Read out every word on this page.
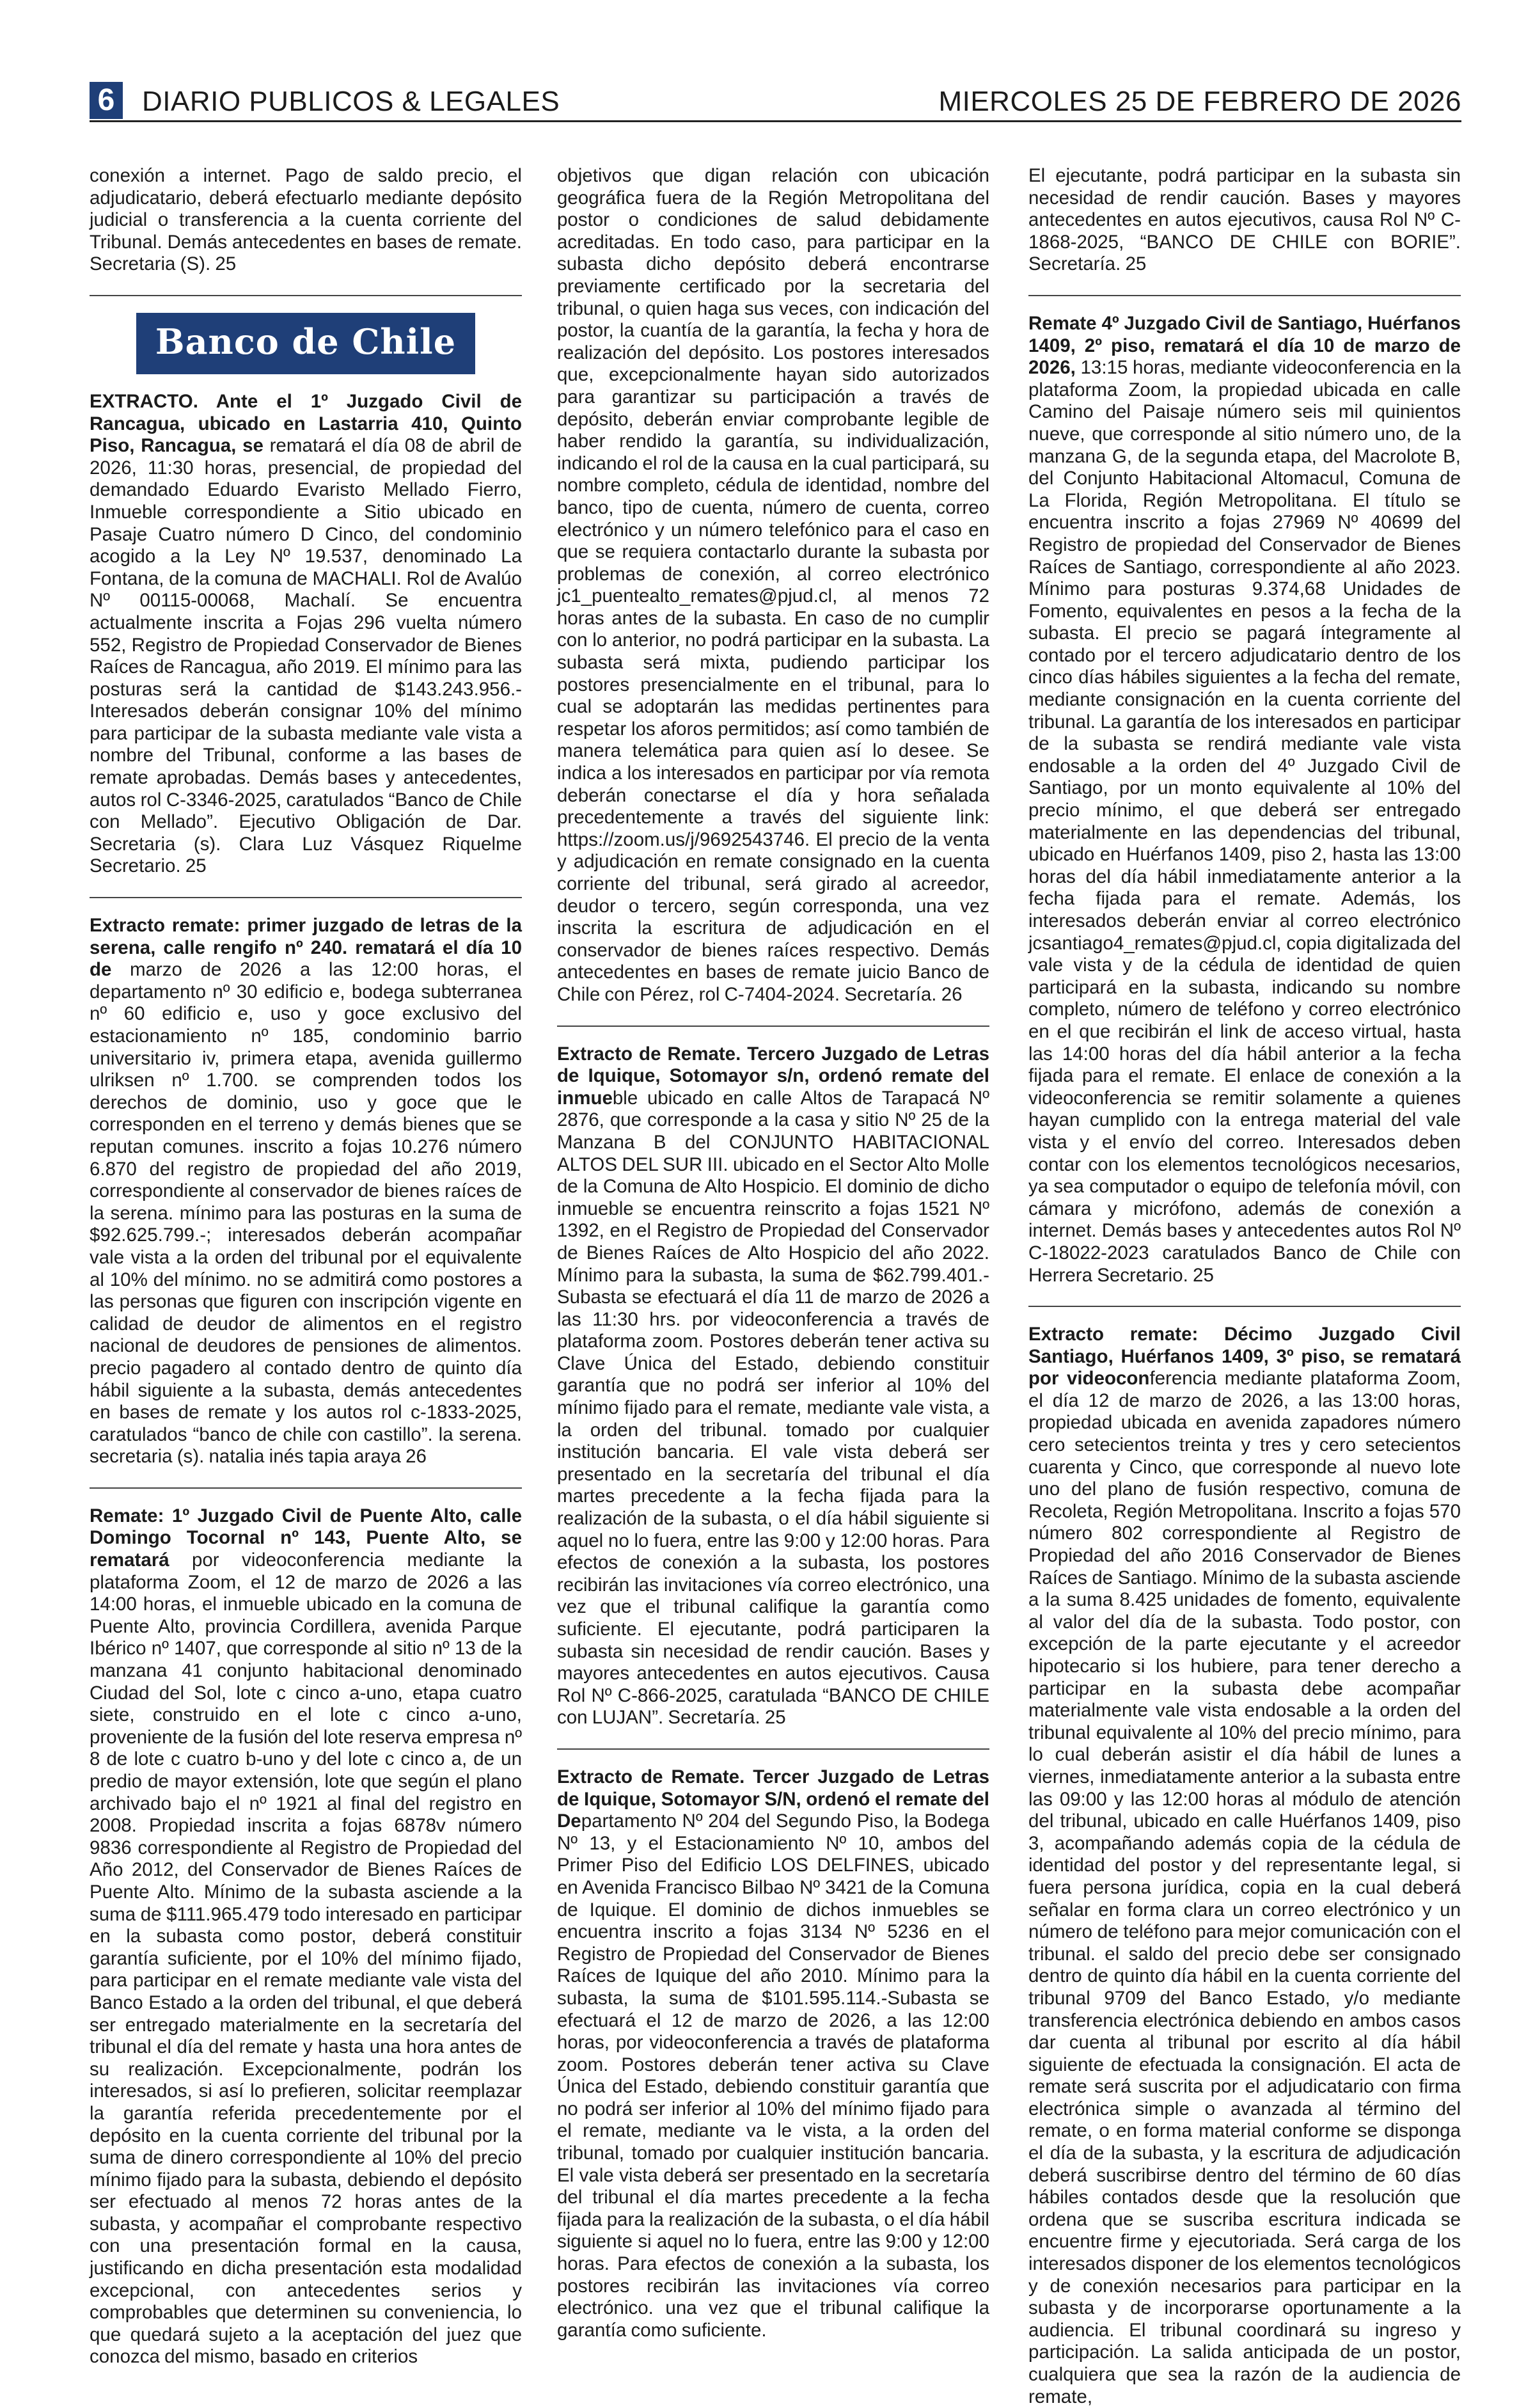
6 DIARIO PUBLICOS & LEGALES	MIERCOLES 25 DE FEBRERO DE 2026

conexión a internet. Pago de saldo precio, el adjudicatario, deberá efectuarlo mediante depósito judicial o transferencia a la cuenta corriente del Tribunal. Demás antecedentes en bases de remate. Secretaria (S). 25

Banco de Chile

EXTRACTO. Ante el 1º Juzgado Civil de Rancagua, ubicado en Lastarria 410, Quinto Piso, Rancagua, se rematará el día 08 de abril de 2026, 11:30 horas, presencial, de propiedad del demandado Eduardo Evaristo Mellado Fierro, Inmueble correspondiente a Sitio ubicado en Pasaje Cuatro número D Cinco, del condominio acogido a la Ley Nº 19.537, denominado La Fontana, de la comuna de MACHALI. Rol de Avalúo Nº 00115-00068, Machalí. Se encuentra actualmente inscrita a Fojas 296 vuelta número 552, Registro de Propiedad Conservador de Bienes Raíces de Rancagua, año 2019. El mínimo para las posturas será la cantidad de $143.243.956.- Interesados deberán consignar 10% del mínimo para participar de la subasta mediante vale vista a nombre del Tribunal, conforme a las bases de remate aprobadas. Demás bases y antecedentes, autos rol C-3346-2025, caratulados “Banco de Chile con Mellado”. Ejecutivo Obligación de Dar. Secretaria (s). Clara Luz Vásquez Riquelme Secretario. 25

Extracto remate: primer juzgado de letras de la serena, calle rengifo nº 240. rematará el día 10 de marzo de 2026 a las 12:00 horas, el departamento nº 30 edificio e, bodega subterranea nº 60 edificio e, uso y goce exclusivo del estacionamiento nº 185, condominio barrio universitario iv, primera etapa, avenida guillermo ulriksen nº 1.700. se comprenden todos los derechos de dominio, uso y goce que le corresponden en el terreno y demás bienes que se reputan comunes. inscrito a fojas 10.276 número 6.870 del registro de propiedad del año 2019, correspondiente al conservador de bienes raíces de la serena. mínimo para las posturas en la suma de $92.625.799.-; interesados deberán acompañar vale vista a la orden del tribunal por el equivalente al 10% del mínimo. no se admitirá como postores a las personas que figuren con inscripción vigente en calidad de deudor de alimentos en el registro nacional de deudores de pensiones de alimentos. precio pagadero al contado dentro de quinto día hábil siguiente a la subasta, demás antecedentes en bases de remate y los autos rol c-1833-2025, caratulados “banco de chile con castillo”. la serena. secretaria (s). natalia inés tapia araya 26

Remate: 1º Juzgado Civil de Puente Alto, calle Domingo Tocornal nº 143, Puente Alto, se rematará por videoconferencia mediante la plataforma Zoom, el 12 de marzo de 2026 a las 14:00 horas, el inmueble ubicado en la comuna de Puente Alto, provincia Cordillera, avenida Parque Ibérico nº 1407, que corresponde al sitio nº 13 de la manzana 41 conjunto habitacional denominado Ciudad del Sol, lote c cinco a-uno, etapa cuatro siete, construido en el lote c cinco a-uno, proveniente de la fusión del lote reserva empresa nº 8 de lote c cuatro b-uno y del lote c cinco a, de un predio de mayor extensión, lote que según el plano archivado bajo el nº 1921 al final del registro en 2008. Propiedad inscrita a fojas 6878v número 9836 correspondiente al Registro de Propiedad del Año 2012, del Conservador de Bienes Raíces de Puente Alto. Mínimo de la subasta asciende a la suma de $111.965.479 todo interesado en participar en la subasta como postor, deberá constituir garantía suficiente, por el 10% del mínimo fijado, para participar en el remate mediante vale vista del Banco Estado a la orden del tribunal, el que deberá ser entregado materialmente en la secretaría del tribunal el día del remate y hasta una hora antes de su realización. Excepcionalmente, podrán los interesados, si así lo prefieren, solicitar reemplazar la garantía referida precedentemente por el depósito en la cuenta corriente del tribunal por la suma de dinero correspondiente al 10% del precio mínimo fijado para la subasta, debiendo el depósito ser efectuado al menos 72 horas antes de la subasta, y acompañar el comprobante respectivo con una presentación formal en la causa, justificando en dicha presentación esta modalidad excepcional, con antecedentes serios y comprobables que determinen su conveniencia, lo que quedará sujeto a la aceptación del juez que conozca del mismo, basado en criterios

objetivos que digan relación con ubicación geográfica fuera de la Región Metropolitana del postor o condiciones de salud debidamente acreditadas. En todo caso, para participar en la subasta dicho depósito deberá encontrarse previamente certificado por la secretaria del tribunal, o quien haga sus veces, con indicación del postor, la cuantía de la garantía, la fecha y hora de realización del depósito. Los postores interesados que, excepcionalmente hayan sido autorizados para garantizar su participación a través de depósito, deberán enviar comprobante legible de haber rendido la garantía, su individualización, indicando el rol de la causa en la cual participará, su nombre completo, cédula de identidad, nombre del banco, tipo de cuenta, número de cuenta, correo electrónico y un número telefónico para el caso en que se requiera contactarlo durante la subasta por problemas de conexión, al correo electrónico jc1_puentealto_remates@pjud.cl, al menos 72 horas antes de la subasta. En caso de no cumplir con lo anterior, no podrá participar en la subasta. La subasta será mixta, pudiendo participar los postores presencialmente en el tribunal, para lo cual se adoptarán las medidas pertinentes para respetar los aforos permitidos; así como también de manera telemática para quien así lo desee. Se indica a los interesados en participar por vía remota deberán conectarse el día y hora señalada precedentemente a través del siguiente link: https://zoom.us/j/9692543746. El precio de la venta y adjudicación en remate consignado en la cuenta corriente del tribunal, será girado al acreedor, deudor o tercero, según corresponda, una vez inscrita la escritura de adjudicación en el conservador de bienes raíces respectivo. Demás antecedentes en bases de remate juicio Banco de Chile con Pérez, rol C-7404-2024. Secretaría. 26

Extracto de Remate. Tercero Juzgado de Letras de Iquique, Sotomayor s/n, ordenó remate del inmueble ubicado en calle Altos de Tarapacá Nº 2876, que corresponde a la casa y sitio Nº 25 de la Manzana B del CONJUNTO HABITACIONAL ALTOS DEL SUR III. ubicado en el Sector Alto Molle de la Comuna de Alto Hospicio. El dominio de dicho inmueble se encuentra reinscrito a fojas 1521 Nº 1392, en el Registro de Propiedad del Conservador de Bienes Raíces de Alto Hospicio del año 2022. Mínimo para la subasta, la suma de $62.799.401.- Subasta se efectuará el día 11 de marzo de 2026 a las 11:30 hrs. por videoconferencia a través de plataforma zoom. Postores deberán tener activa su Clave Única del Estado, debiendo constituir garantía que no podrá ser inferior al 10% del mínimo fijado para el remate, mediante vale vista, a la orden del tribunal. tomado por cualquier institución bancaria. El vale vista deberá ser presentado en la secretaría del tribunal el día martes precedente a la fecha fijada para la realización de la subasta, o el día hábil siguiente si aquel no lo fuera, entre las 9:00 y 12:00 horas. Para efectos de conexión a la subasta, los postores recibirán las invitaciones vía correo electrónico, una vez que el tribunal califique la garantía como suficiente. El ejecutante, podrá participaren la subasta sin necesidad de rendir caución. Bases y mayores antecedentes en autos ejecutivos. Causa Rol Nº C-866-2025, caratulada “BANCO DE CHILE con LUJAN”. Secretaría. 25

Extracto de Remate. Tercer Juzgado de Letras de Iquique, Sotomayor S/N, ordenó el remate del Departamento Nº 204 del Segundo Piso, la Bodega Nº 13, y el Estacionamiento Nº 10, ambos del Primer Piso del Edificio LOS DELFINES, ubicado en Avenida Francisco Bilbao Nº 3421 de la Comuna de Iquique. El dominio de dichos inmuebles se encuentra inscrito a fojas 3134 Nº 5236 en el Registro de Propiedad del Conservador de Bienes Raíces de Iquique del año 2010. Mínimo para la subasta, la suma de $101.595.114.-Subasta se efectuará el 12 de marzo de 2026, a las 12:00 horas, por videoconferencia a través de plataforma zoom. Postores deberán tener activa su Clave Única del Estado, debiendo constituir garantía que no podrá ser inferior al 10% del mínimo fijado para el remate, mediante va le vista, a la orden del tribunal, tomado por cualquier institución bancaria. El vale vista deberá ser presentado en la secretaría del tribunal el día martes precedente a la fecha fijada para la realización de la subasta, o el día hábil siguiente si aquel no lo fuera, entre las 9:00 y 12:00 horas. Para efectos de conexión a la subasta, los postores recibirán las invitaciones vía correo electrónico. una vez que el tribunal califique la garantía como suficiente.

El ejecutante, podrá participar en la subasta sin necesidad de rendir caución. Bases y mayores antecedentes en autos ejecutivos, causa Rol Nº C-1868-2025, “BANCO DE CHILE con BORIE”. Secretaría. 25

Remate 4º Juzgado Civil de Santiago, Huérfanos 1409, 2º piso, rematará el día 10 de marzo de 2026, 13:15 horas, mediante videoconferencia en la plataforma Zoom, la propiedad ubicada en calle Camino del Paisaje número seis mil quinientos nueve, que corresponde al sitio número uno, de la manzana G, de la segunda etapa, del Macrolote B, del Conjunto Habitacional Altomacul, Comuna de La Florida, Región Metropolitana. El título se encuentra inscrito a fojas 27969 Nº 40699 del Registro de propiedad del Conservador de Bienes Raíces de Santiago, correspondiente al año 2023. Mínimo para posturas 9.374,68 Unidades de Fomento, equivalentes en pesos a la fecha de la subasta. El precio se pagará íntegramente al contado por el tercero adjudicatario dentro de los cinco días hábiles siguientes a la fecha del remate, mediante consignación en la cuenta corriente del tribunal. La garantía de los interesados en participar de la subasta se rendirá mediante vale vista endosable a la orden del 4º Juzgado Civil de Santiago, por un monto equivalente al 10% del precio mínimo, el que deberá ser entregado materialmente en las dependencias del tribunal, ubicado en Huérfanos 1409, piso 2, hasta las 13:00 horas del día hábil inmediatamente anterior a la fecha fijada para el remate. Además, los interesados deberán enviar al correo electrónico jcsantiago4_remates@pjud.cl, copia digitalizada del vale vista y de la cédula de identidad de quien participará en la subasta, indicando su nombre completo, número de teléfono y correo electrónico en el que recibirán el link de acceso virtual, hasta las 14:00 horas del día hábil anterior a la fecha fijada para el remate. El enlace de conexión a la videoconferencia se remitir solamente a quienes hayan cumplido con la entrega material del vale vista y el envío del correo. Interesados deben contar con los elementos tecnológicos necesarios, ya sea computador o equipo de telefonía móvil, con cámara y micrófono, además de conexión a internet. Demás bases y antecedentes autos Rol Nº C-18022-2023 caratulados Banco de Chile con Herrera Secretario. 25

Extracto remate: Décimo Juzgado Civil Santiago, Huérfanos 1409, 3º piso, se rematará por videoconferencia mediante plataforma Zoom, el día 12 de marzo de 2026, a las 13:00 horas, propiedad ubicada en avenida zapadores número cero setecientos treinta y tres y cero setecientos cuarenta y Cinco, que corresponde al nuevo lote uno del plano de fusión respectivo, comuna de Recoleta, Región Metropolitana. Inscrito a fojas 570 número 802 correspondiente al Registro de Propiedad del año 2016 Conservador de Bienes Raíces de Santiago. Mínimo de la subasta asciende a la suma 8.425 unidades de fomento, equivalente al valor del día de la subasta. Todo postor, con excepción de la parte ejecutante y el acreedor hipotecario si los hubiere, para tener derecho a participar en la subasta debe acompañar materialmente vale vista endosable a la orden del tribunal equivalente al 10% del precio mínimo, para lo cual deberán asistir el día hábil de lunes a viernes, inmediatamente anterior a la subasta entre las 09:00 y las 12:00 horas al módulo de atención del tribunal, ubicado en calle Huérfanos 1409, piso 3, acompañando además copia de la cédula de identidad del postor y del representante legal, si fuera persona jurídica, copia en la cual deberá señalar en forma clara un correo electrónico y un número de teléfono para mejor comunicación con el tribunal. el saldo del precio debe ser consignado dentro de quinto día hábil en la cuenta corriente del tribunal 9709 del Banco Estado, y/o mediante transferencia electrónica debiendo en ambos casos dar cuenta al tribunal por escrito al día hábil siguiente de efectuada la consignación. El acta de remate será suscrita por el adjudicatario con firma electrónica simple o avanzada al término del remate, o en forma material conforme se disponga el día de la subasta, y la escritura de adjudicación deberá suscribirse dentro del término de 60 días hábiles contados desde que la resolución que ordena que se suscriba escritura indicada se encuentre firme y ejecutoriada. Será carga de los interesados disponer de los elementos tecnológicos y de conexión necesarios para participar en la subasta y de incorporarse oportunamente a la audiencia. El tribunal coordinará su ingreso y participación. La salida anticipada de un postor, cualquiera que sea la razón de la audiencia de remate,
